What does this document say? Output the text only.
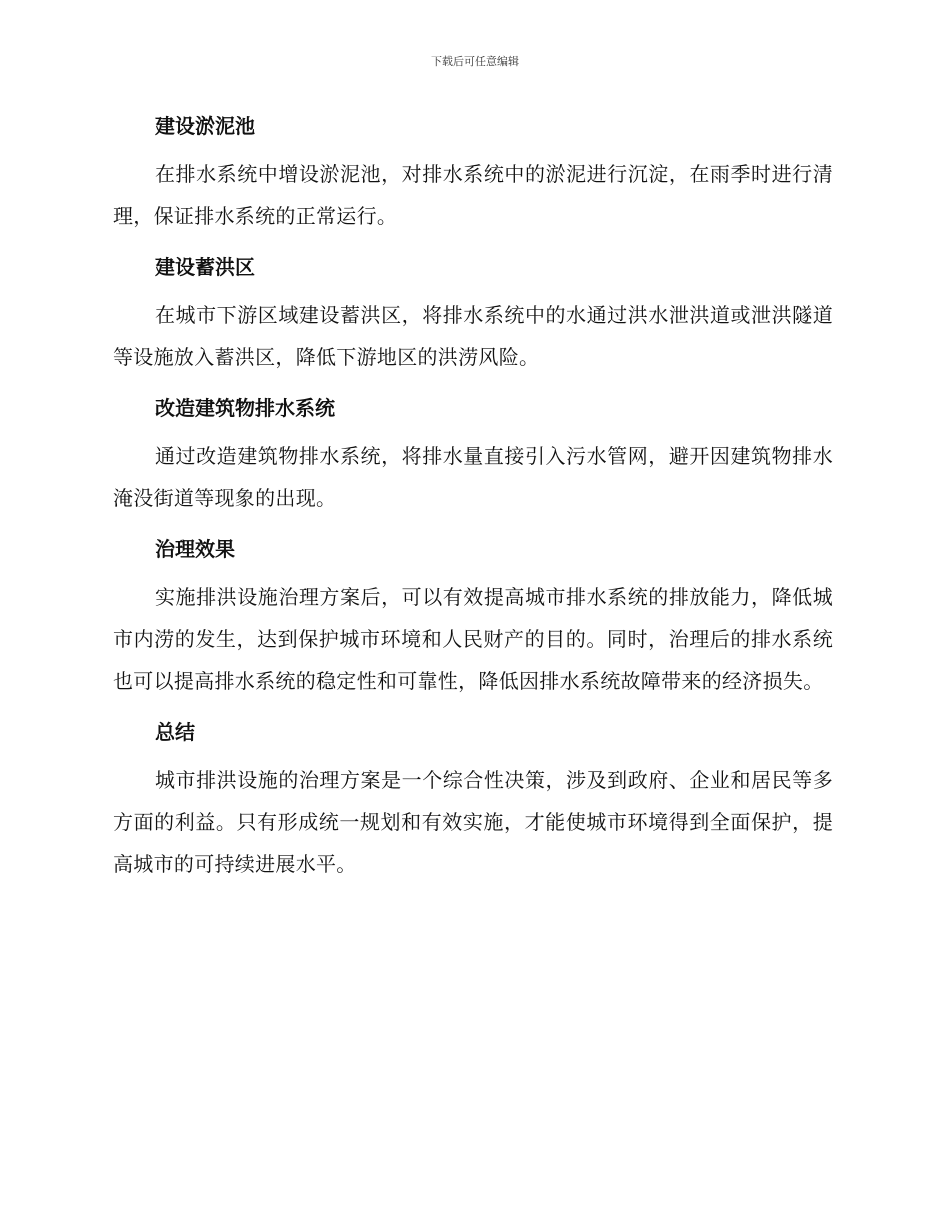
下载后可任意编辑
建设淤泥池

在排水系统中增设淤泥池，对排水系统中的淤泥进行沉淀，在雨季时进行清理，保证排水系统的正常运行。

建设蓄洪区

在城市下游区域建设蓄洪区，将排水系统中的水通过洪水泄洪道或泄洪隧道等设施放入蓄洪区，降低下游地区的洪涝风险。

改造建筑物排水系统

通过改造建筑物排水系统，将排水量直接引入污水管网，避开因建筑物排水淹没街道等现象的出现。

治理效果

实施排洪设施治理方案后，可以有效提高城市排水系统的排放能力，降低城市内涝的发生，达到保护城市环境和人民财产的目的。同时，治理后的排水系统也可以提高排水系统的稳定性和可靠性，降低因排水系统故障带来的经济损失。

总结

城市排洪设施的治理方案是一个综合性决策，涉及到政府、企业和居民等多方面的利益。只有形成统一规划和有效实施，才能使城市环境得到全面保护，提高城市的可持续进展水平。
